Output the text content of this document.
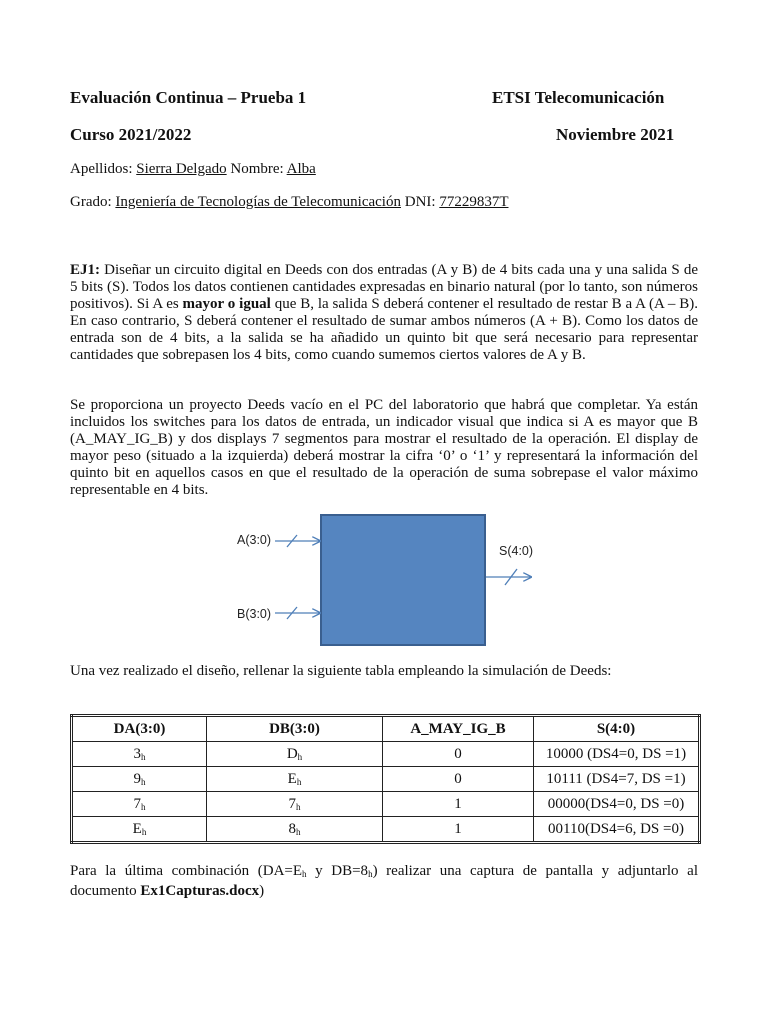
Evaluación Continua – Prueba 1	ETSI Telecomunicación
Curso 2021/2022	Noviembre 2021
Apellidos: Sierra Delgado Nombre: Alba
Grado: Ingeniería de Tecnologías de Telecomunicación DNI: 77229837T

EJ1: Diseñar un circuito digital en Deeds con dos entradas (A y B) de 4 bits cada una y una salida S de 5 bits (S). Todos los datos contienen cantidades expresadas en binario natural (por lo tanto, son números positivos). Si A es mayor o igual que B, la salida S deberá contener el resultado de restar B a A (A – B). En caso contrario, S deberá contener el resultado de sumar ambos números (A + B). Como los datos de entrada son de 4 bits, a la salida se ha añadido un quinto bit que será necesario para representar cantidades que sobrepasen los 4 bits, como cuando sumemos ciertos valores de A y B.

Se proporciona un proyecto Deeds vacío en el PC del laboratorio que habrá que completar. Ya están incluidos los switches para los datos de entrada, un indicador visual que indica si A es mayor que B (A_MAY_IG_B) y dos displays 7 segmentos para mostrar el resultado de la operación. El display de mayor peso (situado a la izquierda) deberá mostrar la cifra ‘0’ o ‘1’ y representará la información del quinto bit en aquellos casos en que el resultado de la operación de suma sobrepase el valor máximo representable en 4 bits.

A(3:0)
B(3:0)
S(4:0)

Una vez realizado el diseño, rellenar la siguiente tabla empleando la simulación de Deeds:

DA(3:0)	DB(3:0)	A_MAY_IG_B	S(4:0)
$3_h$	$D_h$	0	10000 (DS4=0, DS =1)
$9_h$	$E_h$	0	10111 (DS4=7, DS =1)
$7_h$	$7_h$	1	00000(DS4=0, DS =0)
$E_h$	$8_h$	1	00110(DS4=6, DS =0)

Para la última combinación ($DA=E_h$ y $DB=8_h$) realizar una captura de pantalla y adjuntarlo al documento Ex1Capturas.docx)
